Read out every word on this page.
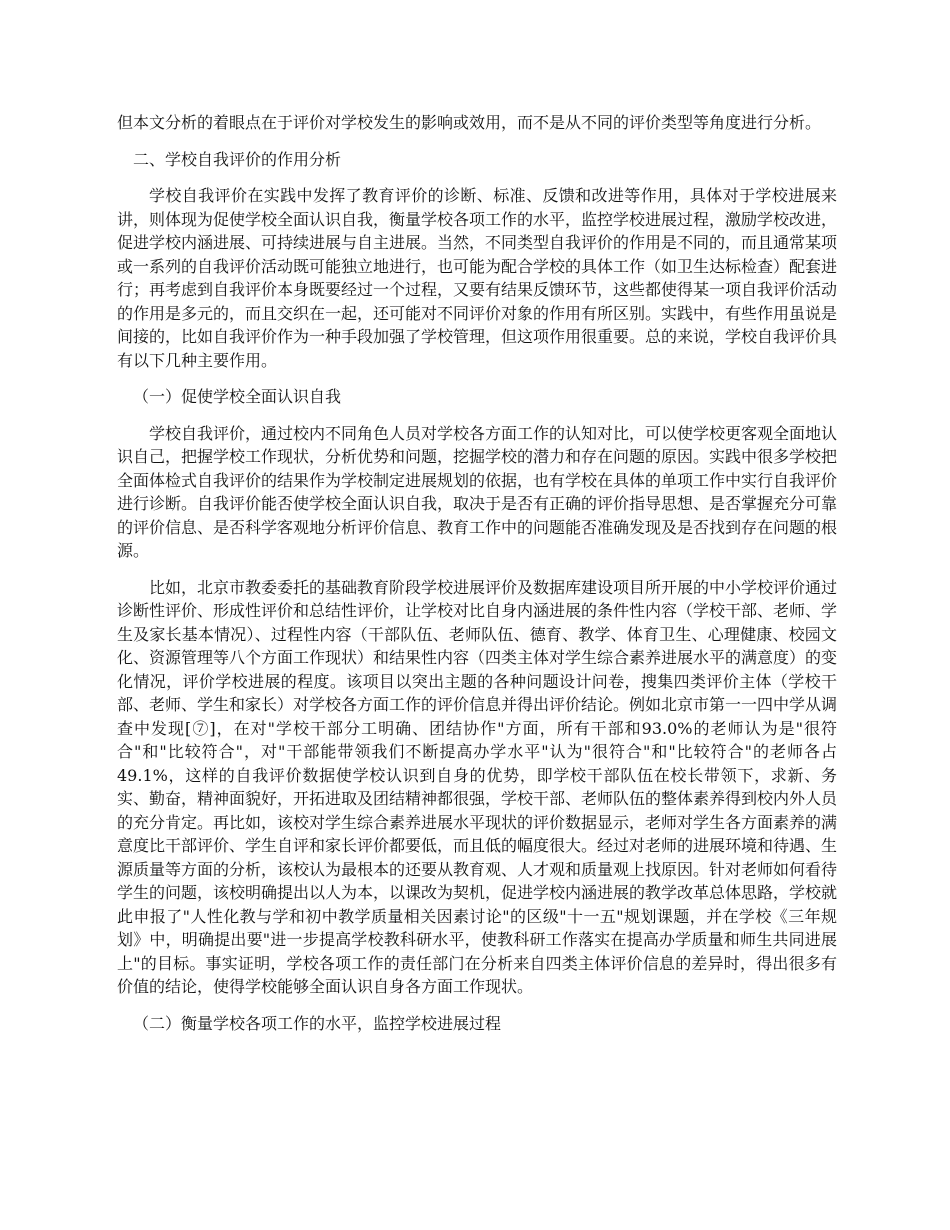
但本文分析的着眼点在于评价对学校发生的影响或效用，而不是从不同的评价类型等角度进行分析。

二、学校自我评价的作用分析

学校自我评价在实践中发挥了教育评价的诊断、标准、反馈和改进等作用，具体对于学校进展来讲，则体现为促使学校全面认识自我，衡量学校各项工作的水平，监控学校进展过程，激励学校改进，促进学校内涵进展、可持续进展与自主进展。当然，不同类型自我评价的作用是不同的，而且通常某项或一系列的自我评价活动既可能独立地进行，也可能为配合学校的具体工作（如卫生达标检查）配套进行；再考虑到自我评价本身既要经过一个过程，又要有结果反馈环节，这些都使得某一项自我评价活动的作用是多元的，而且交织在一起，还可能对不同评价对象的作用有所区别。实践中，有些作用虽说是间接的，比如自我评价作为一种手段加强了学校管理，但这项作用很重要。总的来说，学校自我评价具有以下几种主要作用。

（一）促使学校全面认识自我

学校自我评价，通过校内不同角色人员对学校各方面工作的认知对比，可以使学校更客观全面地认识自己，把握学校工作现状，分析优势和问题，挖掘学校的潜力和存在问题的原因。实践中很多学校把全面体检式自我评价的结果作为学校制定进展规划的依据，也有学校在具体的单项工作中实行自我评价进行诊断。自我评价能否使学校全面认识自我，取决于是否有正确的评价指导思想、是否掌握充分可靠的评价信息、是否科学客观地分析评价信息、教育工作中的问题能否准确发现及是否找到存在问题的根源。

比如，北京市教委委托的基础教育阶段学校进展评价及数据库建设项目所开展的中小学校评价通过诊断性评价、形成性评价和总结性评价，让学校对比自身内涵进展的条件性内容（学校干部、老师、学生及家长基本情况）、过程性内容（干部队伍、老师队伍、德育、教学、体育卫生、心理健康、校园文化、资源管理等八个方面工作现状）和结果性内容（四类主体对学生综合素养进展水平的满意度）的变化情况，评价学校进展的程度。该项目以突出主题的各种问题设计问卷，搜集四类评价主体（学校干部、老师、学生和家长）对学校各方面工作的评价信息并得出评价结论。例如北京市第一一四中学从调查中发现[⑦]，在对"学校干部分工明确、团结协作"方面，所有干部和93.0%的老师认为是"很符合"和"比较符合"，对"干部能带领我们不断提高办学水平"认为"很符合"和"比较符合"的老师各占49.1%，这样的自我评价数据使学校认识到自身的优势，即学校干部队伍在校长带领下，求新、务实、勤奋，精神面貌好，开拓进取及团结精神都很强，学校干部、老师队伍的整体素养得到校内外人员的充分肯定。再比如，该校对学生综合素养进展水平现状的评价数据显示，老师对学生各方面素养的满意度比干部评价、学生自评和家长评价都要低，而且低的幅度很大。经过对老师的进展环境和待遇、生源质量等方面的分析，该校认为最根本的还要从教育观、人才观和质量观上找原因。针对老师如何看待学生的问题，该校明确提出以人为本，以课改为契机，促进学校内涵进展的教学改革总体思路，学校就此申报了"人性化教与学和初中教学质量相关因素讨论"的区级"十一五"规划课题，并在学校《三年规划》中，明确提出要"进一步提高学校教科研水平，使教科研工作落实在提高办学质量和师生共同进展上"的目标。事实证明，学校各项工作的责任部门在分析来自四类主体评价信息的差异时，得出很多有价值的结论，使得学校能够全面认识自身各方面工作现状。

（二）衡量学校各项工作的水平，监控学校进展过程
